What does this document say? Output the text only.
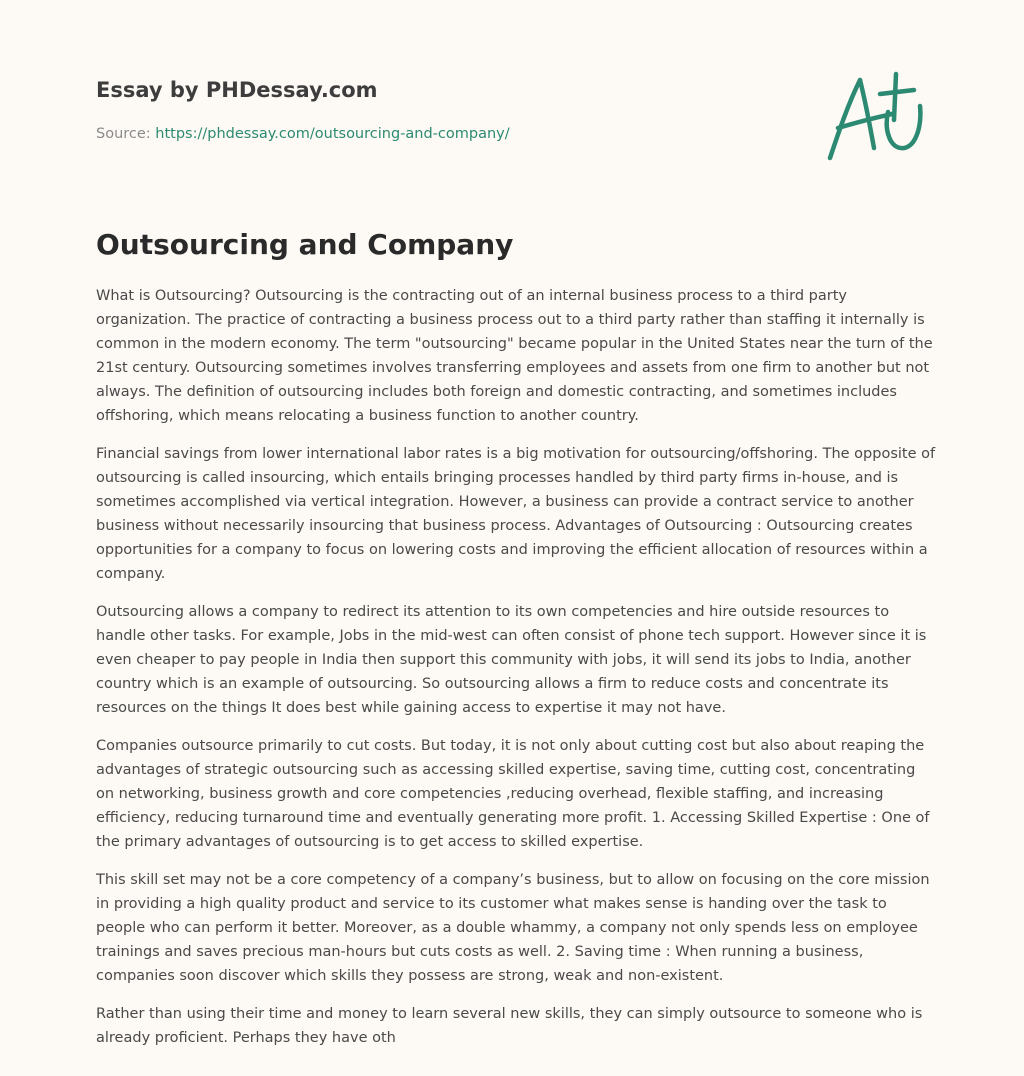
Essay by PHDessay.com
Source: https://phdessay.com/outsourcing-and-company/
Outsourcing and Company

What is Outsourcing? Outsourcing is the contracting out of an internal business process to a third party organization. The practice of contracting a business process out to a third party rather than staffing it internally is common in the modern economy. The term "outsourcing" became popular in the United States near the turn of the 21st century. Outsourcing sometimes involves transferring employees and assets from one firm to another but not always. The definition of outsourcing includes both foreign and domestic contracting, and sometimes includes offshoring, which means relocating a business function to another country.

Financial savings from lower international labor rates is a big motivation for outsourcing/offshoring. The opposite of outsourcing is called insourcing, which entails bringing processes handled by third party firms in-house, and is sometimes accomplished via vertical integration. However, a business can provide a contract service to another business without necessarily insourcing that business process. Advantages of Outsourcing : Outsourcing creates opportunities for a company to focus on lowering costs and improving the efficient allocation of resources within a company.

Outsourcing allows a company to redirect its attention to its own competencies and hire outside resources to handle other tasks. For example, Jobs in the mid-west can often consist of phone tech support. However since it is even cheaper to pay people in India then support this community with jobs, it will send its jobs to India, another country which is an example of outsourcing. So outsourcing allows a firm to reduce costs and concentrate its resources on the things It does best while gaining access to expertise it may not have.

Companies outsource primarily to cut costs. But today, it is not only about cutting cost but also about reaping the advantages of strategic outsourcing such as accessing skilled expertise, saving time, cutting cost, concentrating on networking, business growth and core competencies ,reducing overhead, flexible staffing, and increasing efficiency, reducing turnaround time and eventually generating more profit. 1. Accessing Skilled Expertise : One of the primary advantages of outsourcing is to get access to skilled expertise.

This skill set may not be a core competency of a company’s business, but to allow on focusing on the core mission in providing a high quality product and service to its customer what makes sense is handing over the task to people who can perform it better. Moreover, as a double whammy, a company not only spends less on employee trainings and saves precious man-hours but cuts costs as well. 2. Saving time : When running a business, companies soon discover which skills they possess are strong, weak and non-existent.

Rather than using their time and money to learn several new skills, they can simply outsource to someone who is already proficient. Perhaps they have oth
